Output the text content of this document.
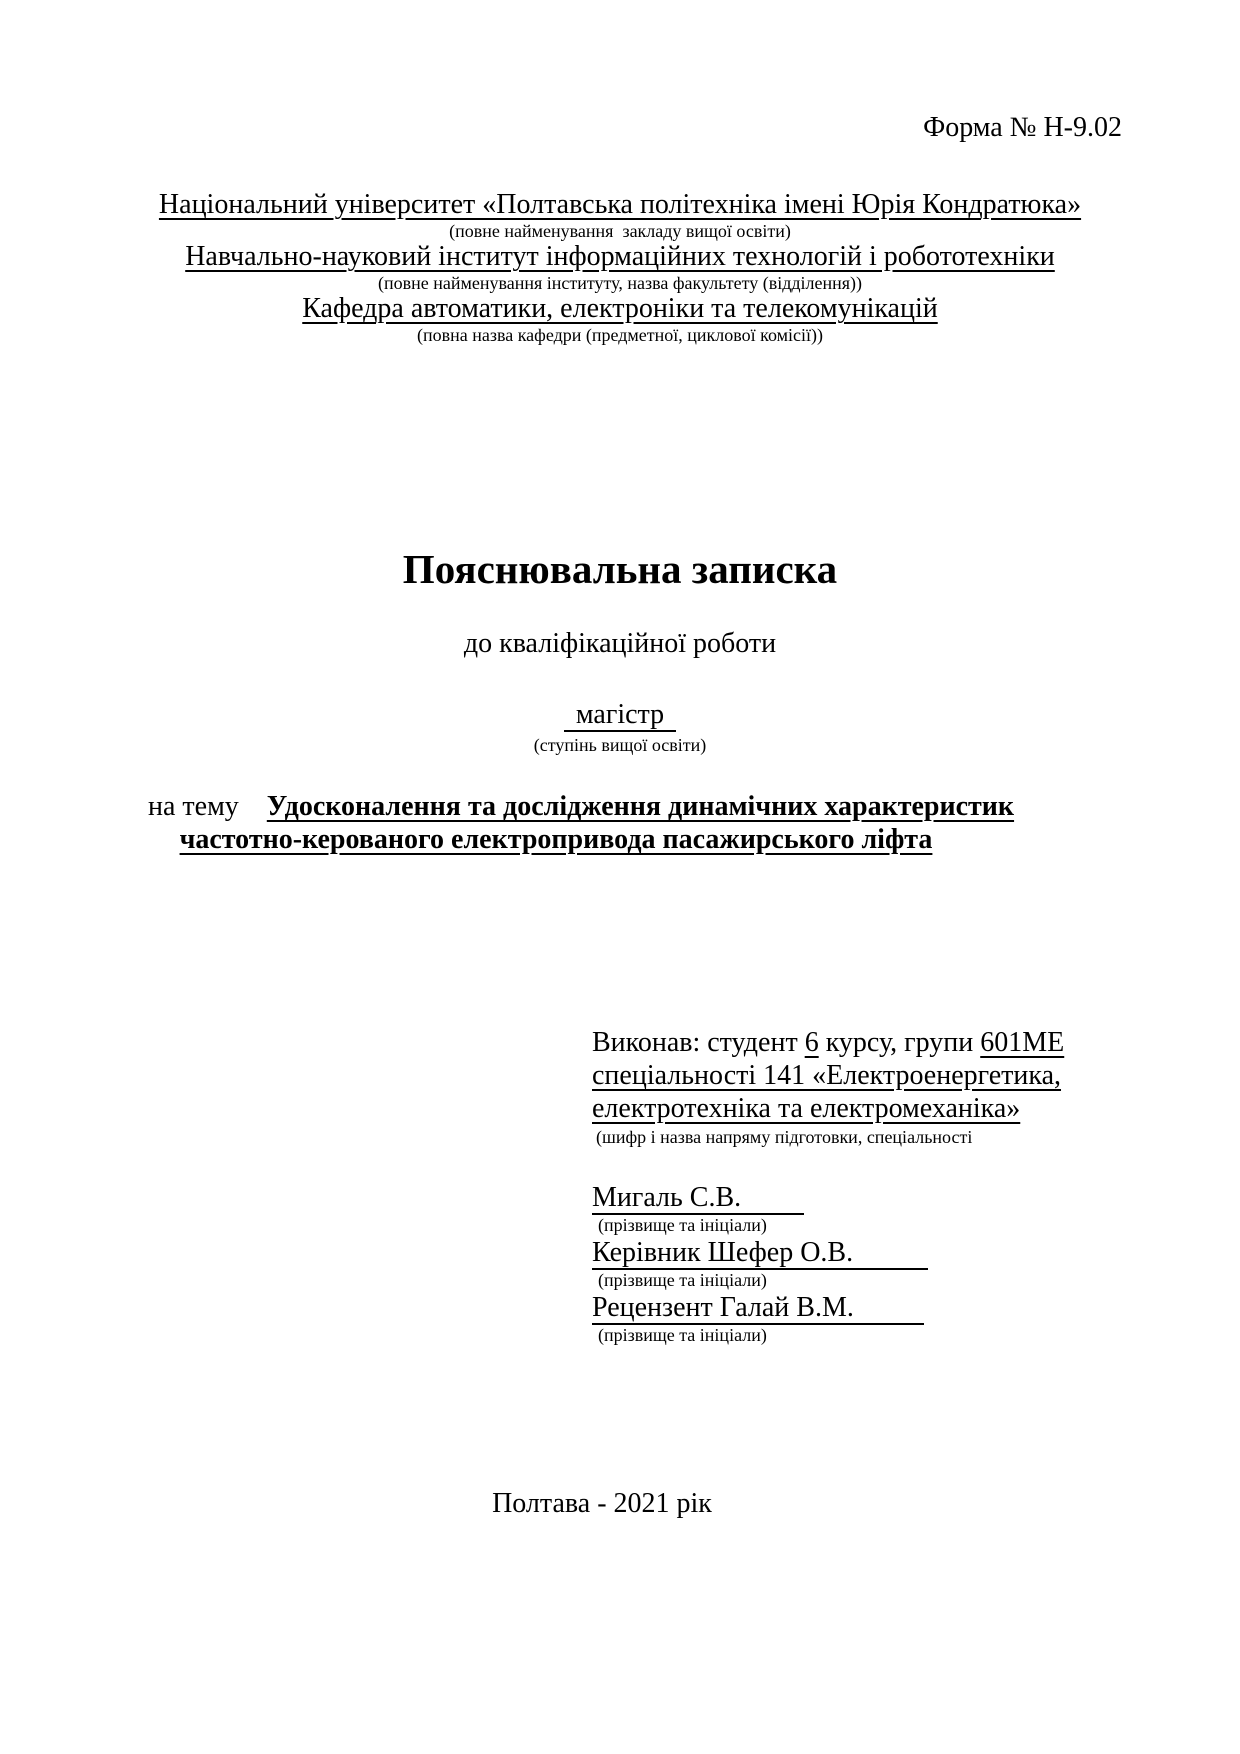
Форма № Н-9.02
Національний університет «Полтавська політехніка імені Юрія Кондратюка»
(повне найменування  закладу вищої освіти)
Навчально-науковий інститут інформаційних технологій і робототехніки
(повне найменування інституту, назва факультету (відділення))
Кафедра автоматики, електроніки та телекомунікацій
(повна назва кафедри (предметної, циклової комісії))
Пояснювальна записка
до кваліфікаційної роботи
магістр
(ступінь вищої освіти)
на тему Удосконалення та дослідження динамічних характеристик
частотно-керованого електропривода пасажирського ліфта

Виконав: студент 6 курсу, групи 601МЕ
спеціальності 141 «Електроенергетика,
електротехніка та електромеханіка»

(шифр і назва напряму підготовки, спеціальності
Мигаль С.В.
(прізвище та ініціали)
Керівник Шефер О.В.
(прізвище та ініціали)
Рецензент Галай В.М.
(прізвище та ініціали)
Полтава - 2021 рік
